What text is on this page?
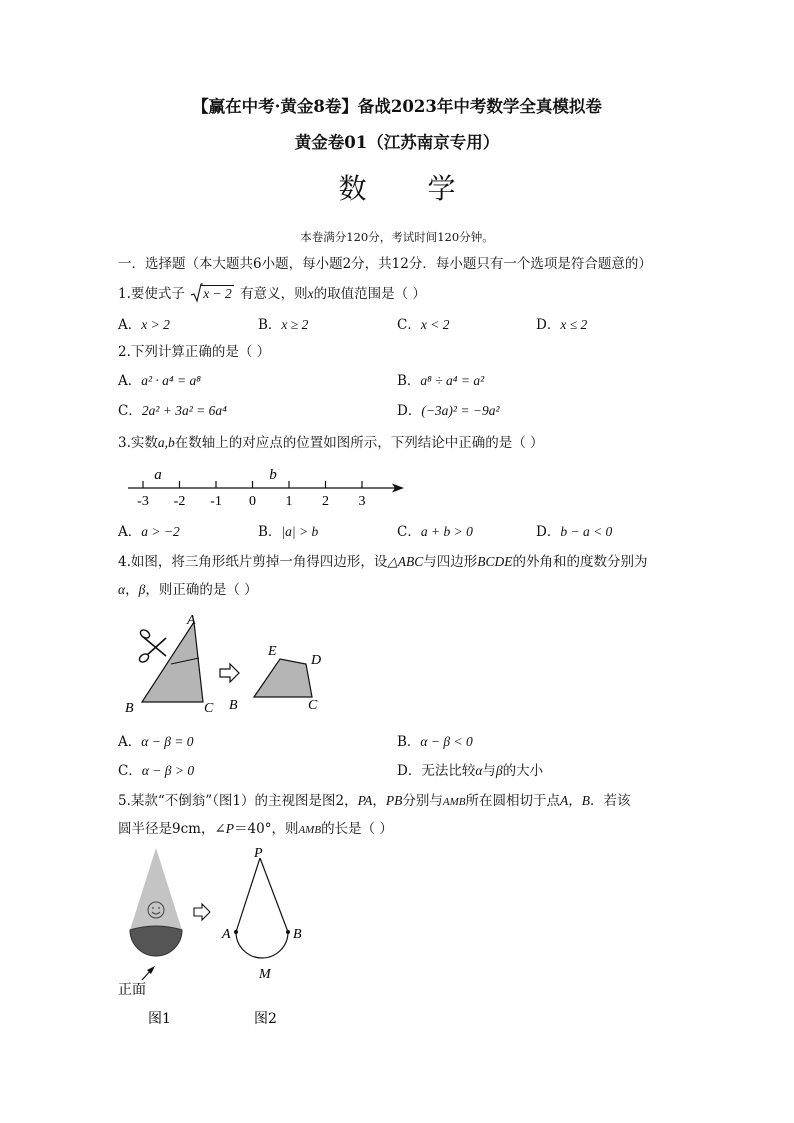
【赢在中考·黄金8卷】备战2023年中考数学全真模拟卷
黄金卷01（江苏南京专用）
数 学
本卷满分120分，考试时间120分钟。
一．选择题（本大题共6小题，每小题2分，共12分．每小题只有一个选项是符合题意的）
1.要使式子 x − 2 有意义，则x的取值范围是（ ）
A．x > 2	B．x ≥ 2	C．x < 2	D．x ≤ 2
2.下列计算正确的是（ ）
A．a² · a⁴ = a⁸	B．a⁸ ÷ a⁴ = a²
C．2a² + 3a² = 6a⁴	D．(−3a)² = −9a²
3.实数a,b在数轴上的对应点的位置如图所示，下列结论中正确的是（ ）
-3 -2 -1 0 1 2 3
a	b
A．a > −2	B．|a| > b	C．a + b > 0	D．b − a < 0
4.如图，将三角形纸片剪掉一角得四边形，设△ABC与四边形BCDE的外角和的度数分别为
α，β，则正确的是（ ）
A
B	C
E
D
B	C
A．α − β = 0	B．α − β < 0
C．α − β > 0	D．无法比较α与β的大小
5.某款“不倒翁”（图1）的主视图是图2，PA，PB分别与AMB所在圆相切于点A，B．若该
圆半径是9cm，∠P＝40°，则AMB的长是（ ）
正面
图1
P
A	B
M
图2
